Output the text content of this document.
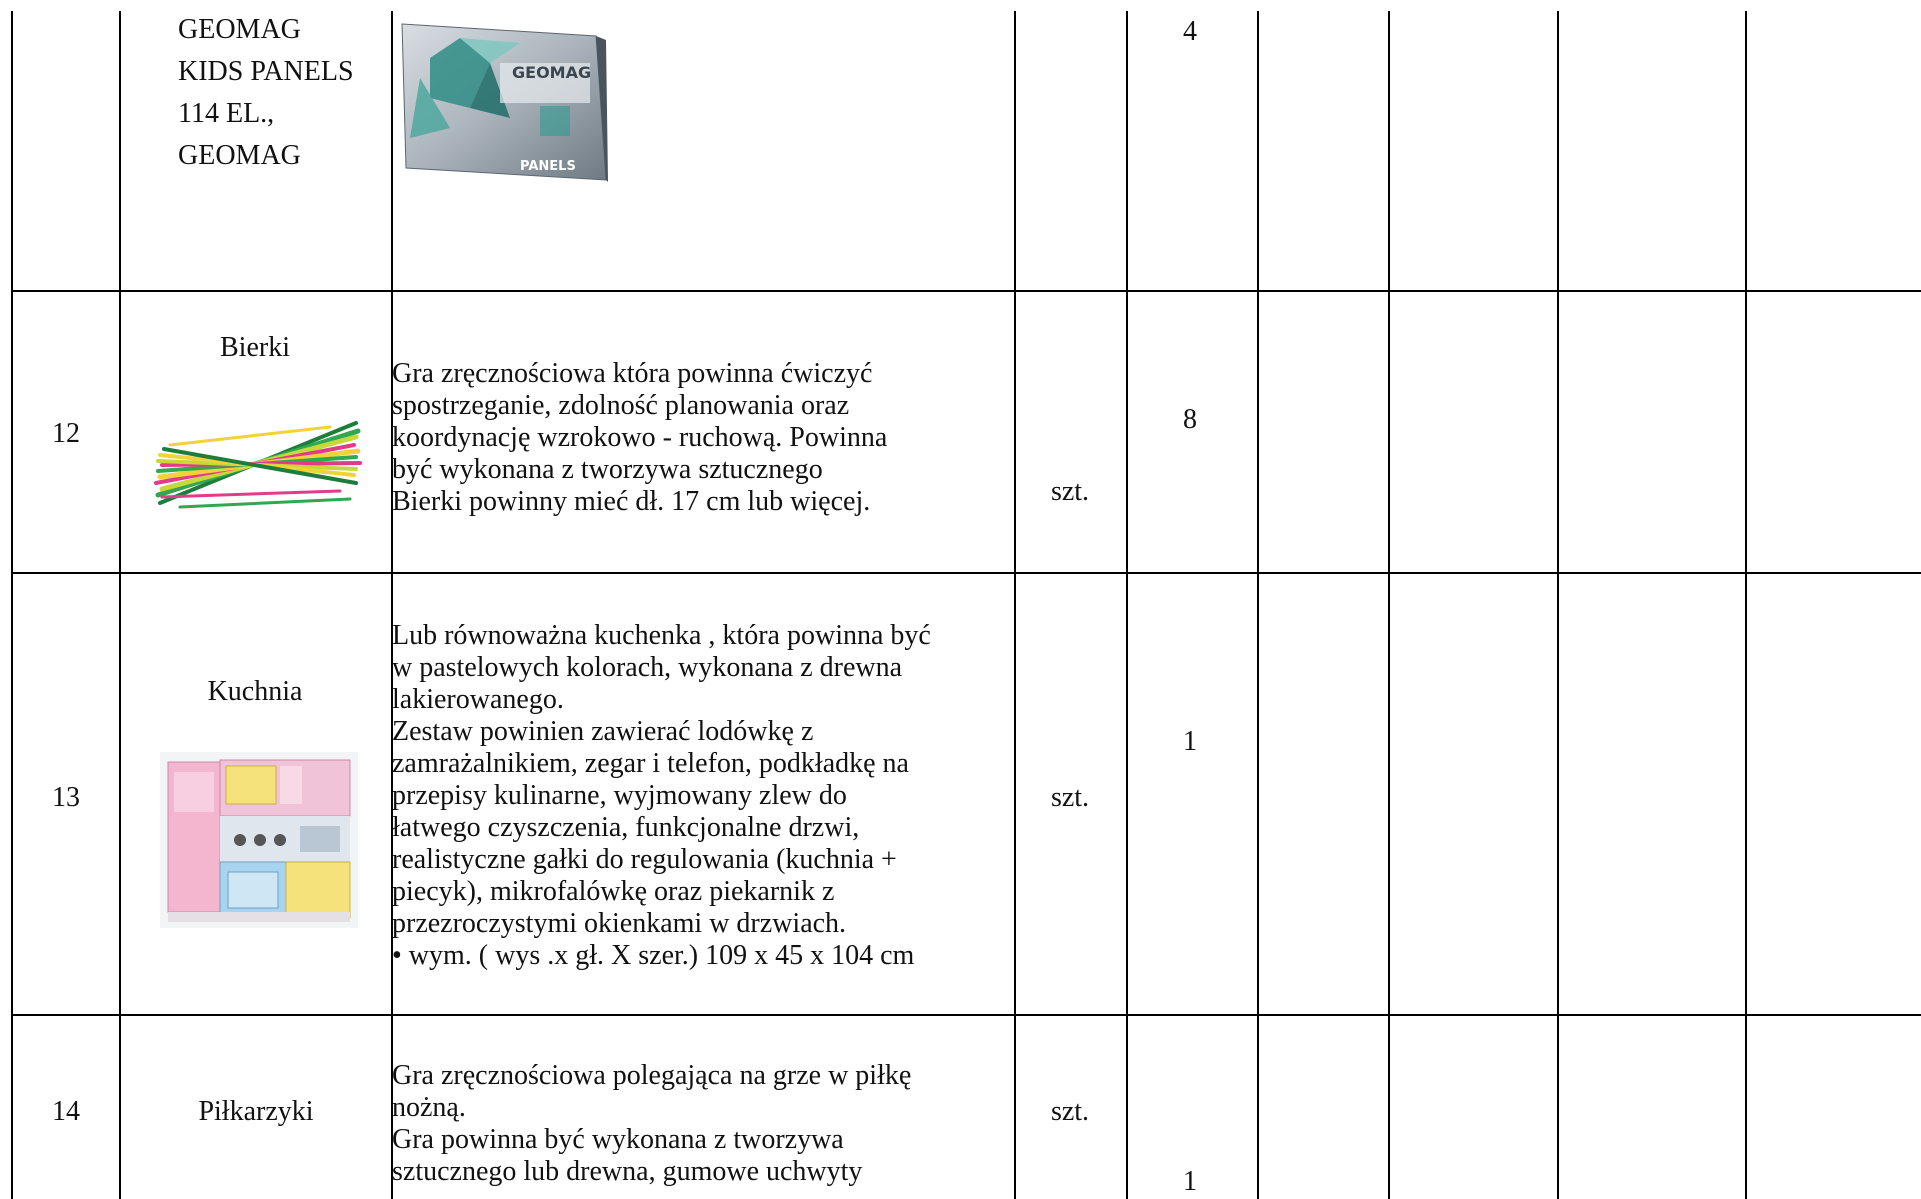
GEOMAG
KIDS PANELS
114 EL.,
GEOMAG
GEOMAG
PANELS
4
12
Bierki
Gra zręcznościowa która powinna ćwiczyć
spostrzeganie, zdolność planowania oraz
koordynację wzrokowo - ruchową. Powinna
być wykonana z tworzywa sztucznego
Bierki powinny mieć dł. 17 cm lub więcej.	szt.
8
13
Kuchnia
Lub równoważna kuchenka , która powinna być
w pastelowych kolorach, wykonana z drewna
lakierowanego.
Zestaw powinien zawierać lodówkę z
zamrażalnikiem, zegar i telefon, podkładkę na
przepisy kulinarne, wyjmowany zlew do
łatwego czyszczenia, funkcjonalne drzwi,
realistyczne gałki do regulowania (kuchnia +
piecyk), mikrofalówkę oraz piekarnik z
przezroczystymi okienkami w drzwiach.
• wym. ( wys .x gł. X szer.) 109 x 45 x 104 cm
szt.
1
14	Piłkarzyki
Gra zręcznościowa polegająca na grze w piłkę
nożną.
Gra powinna być wykonana z tworzywa
sztucznego lub drewna, gumowe uchwyty
szt.
1
